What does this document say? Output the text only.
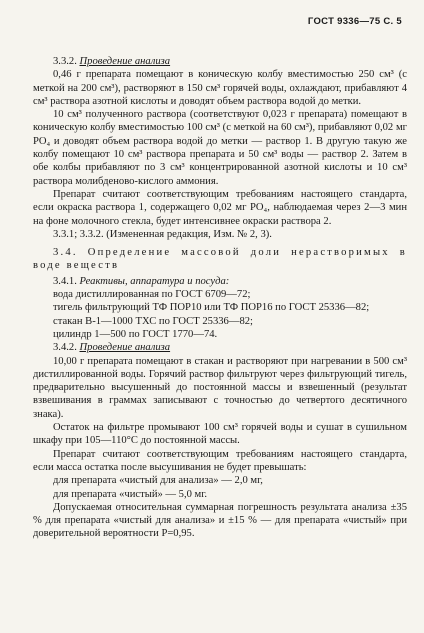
ГОСТ 9336—75 С. 5

3.3.2. Проведение анализа

0,46 г препарата помещают в коническую колбу вместимостью 250 см³ (с меткой на 200 см³), растворяют в 150 см³ горячей воды, охлаждают, прибавляют 4 см³ раствора азотной кислоты и доводят объем раствора водой до метки.

10 см³ полученного раствора (соответствуют 0,023 г препарата) помещают в коническую колбу вместимостью 100 см³ (с меткой на 60 см³), прибавляют 0,02 мг PO₄ и доводят объем раствора водой до метки — раствор 1. В другую такую же колбу помещают 10 см³ раствора препарата и 50 см³ воды — раствор 2. Затем в обе колбы прибавляют по 3 см³ концентрированной азотной кислоты и 10 см³ раствора молибденово-кислого аммония.

Препарат считают соответствующим требованиям настоящего стандарта, если окраска раствора 1, содержащего 0,02 мг PO₄, наблюдаемая через 2—3 мин на фоне молочного стекла, будет интенсивнее окраски раствора 2.

3.3.1; 3.3.2. (Измененная редакция, Изм. № 2, 3).

3.4. Определение массовой доли нерастворимых в воде веществ

3.4.1. Реактивы, аппаратура и посуда:

вода дистиллированная по ГОСТ 6709—72;

тигель фильтрующий ТФ ПОР10 или ТФ ПОР16 по ГОСТ 25336—82;

стакан В-1—1000 ТХС по ГОСТ 25336—82;

цилиндр 1—500 по ГОСТ 1770—74.

3.4.2. Проведение анализа

10,00 г препарата помещают в стакан и растворяют при нагревании в 500 см³ дистиллированной воды. Горячий раствор фильтруют через фильтрующий тигель, предварительно высушенный до постоянной массы и взвешенный (результат взвешивания в граммах записывают с точностью до четвертого десятичного знака).

Остаток на фильтре промывают 100 см³ горячей воды и сушат в сушильном шкафу при 105—110°С до постоянной массы.

Препарат считают соответствующим требованиям настоящего стандарта, если масса остатка после высушивания не будет превышать:

для препарата «чистый для анализа» — 2,0 мг,

для препарата «чистый» — 5,0 мг.

Допускаемая относительная суммарная погрешность результата анализа ±35 % для препарата «чистый для анализа» и ±15 % — для препарата «чистый» при доверительной вероятности P=0,95.
